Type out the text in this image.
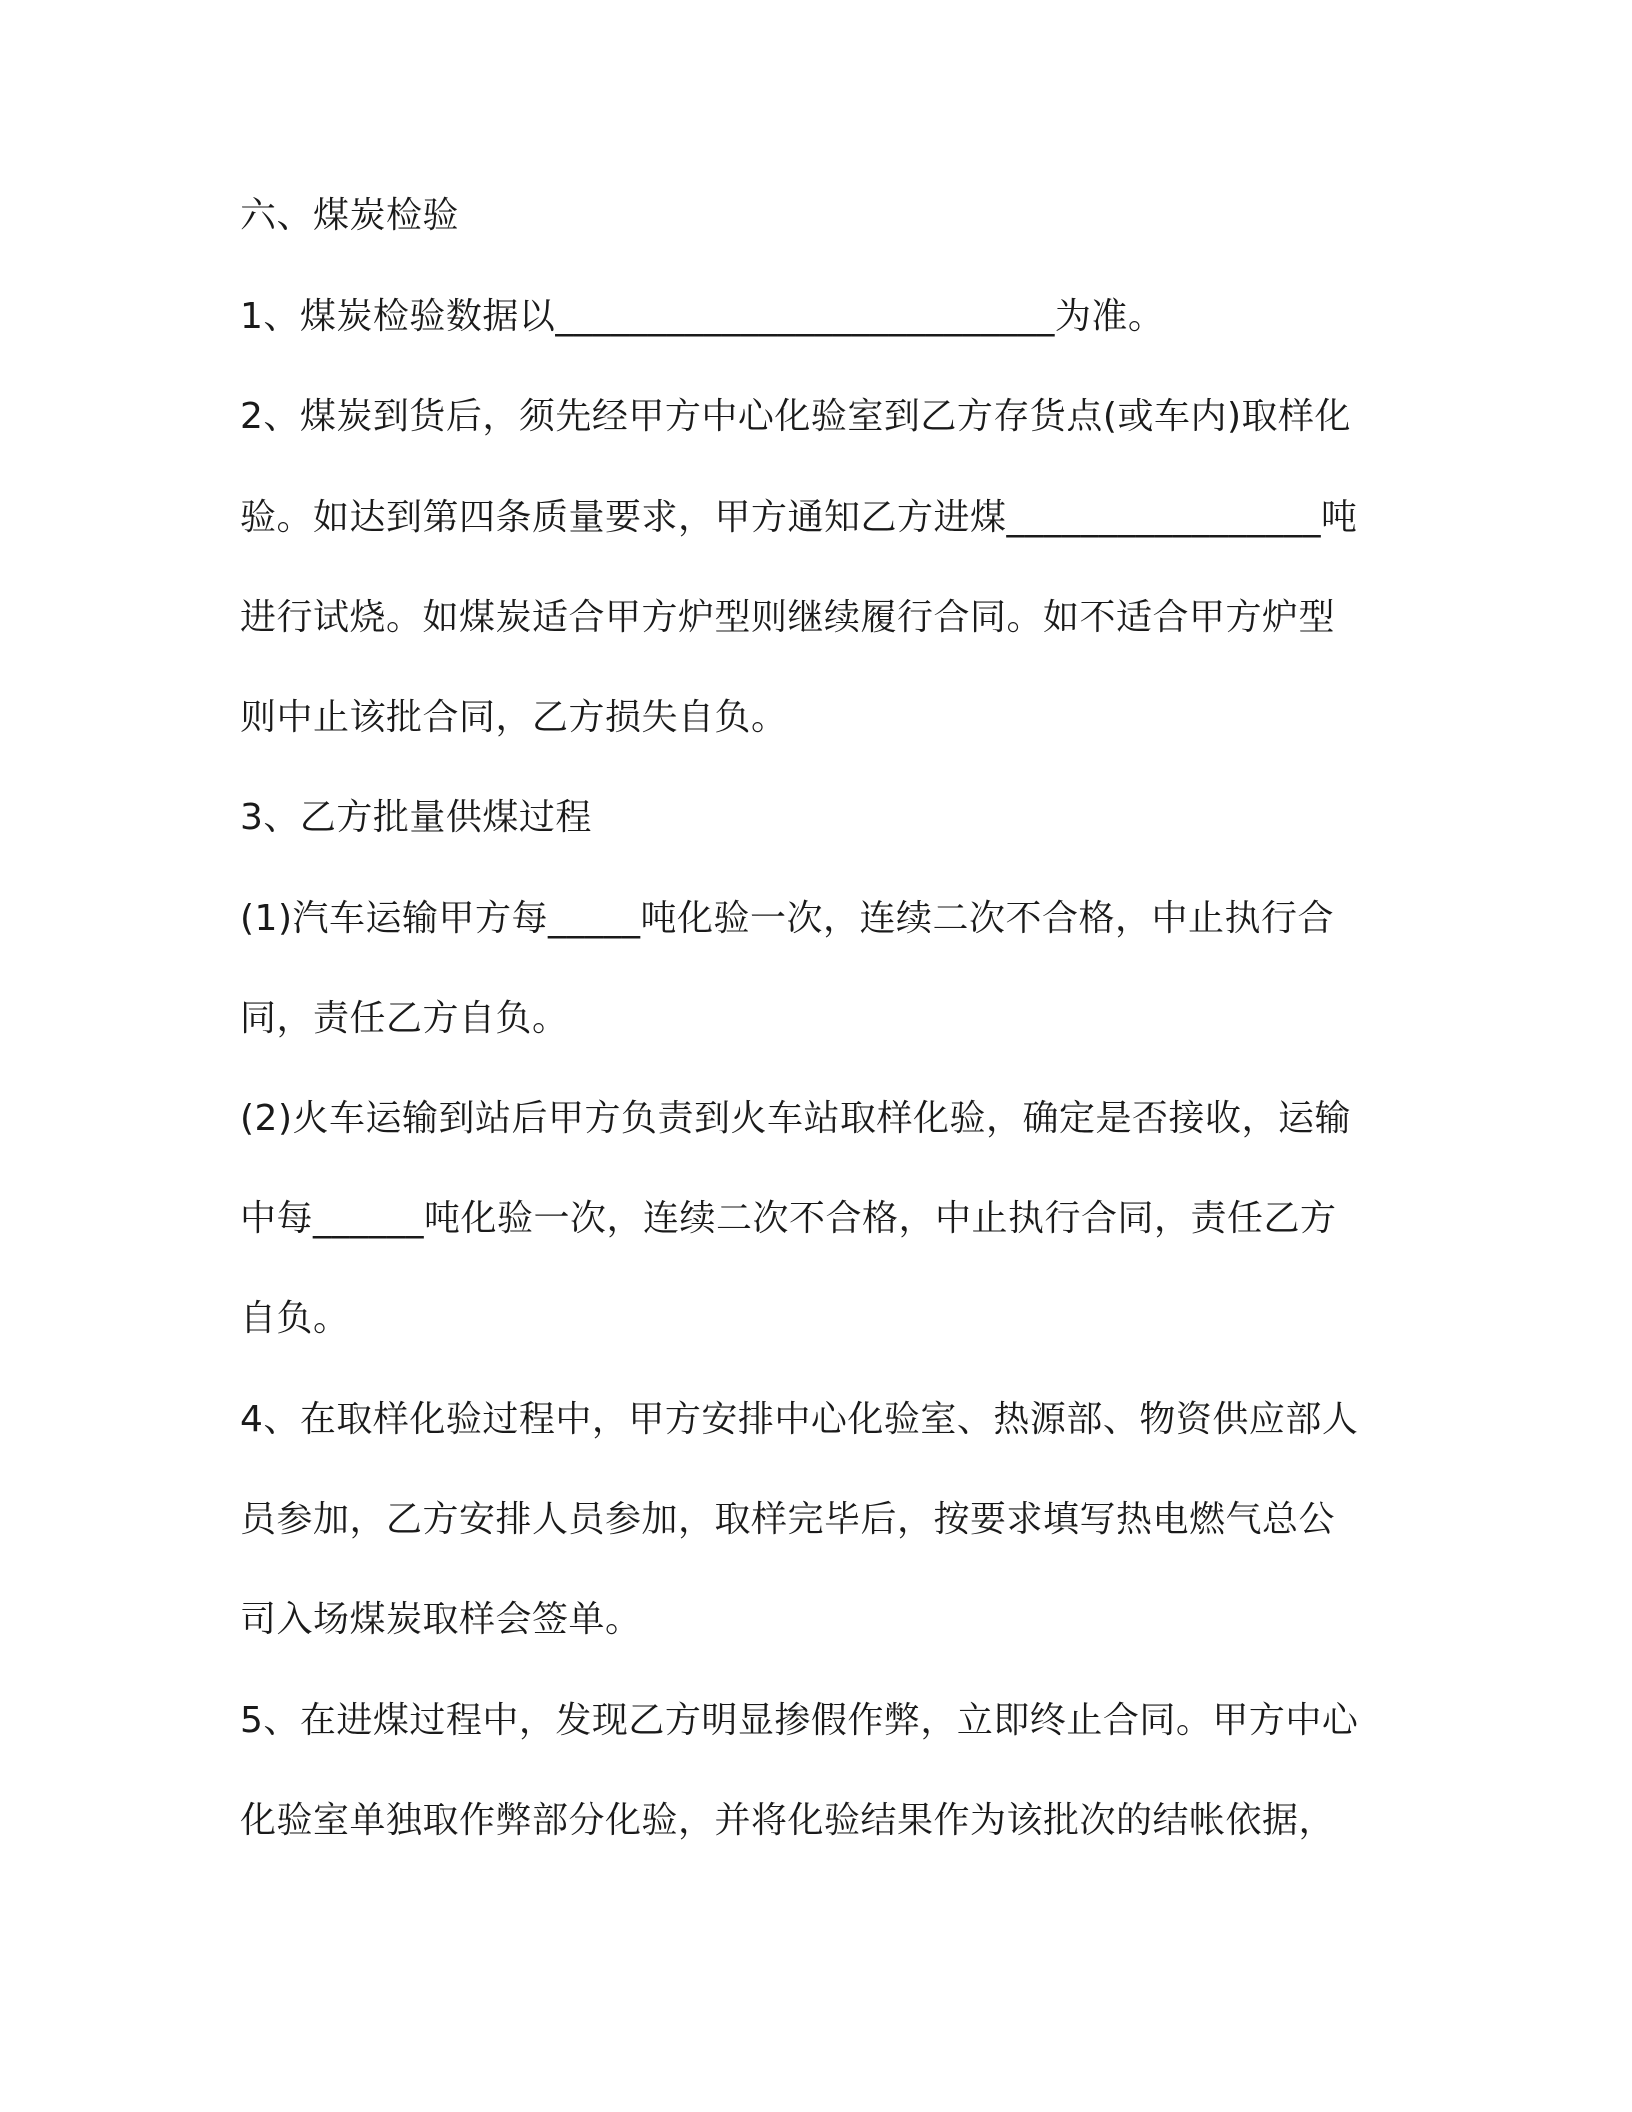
六、煤炭检验
1、煤炭检验数据以___________________________为准。
2、煤炭到货后，须先经甲方中心化验室到乙方存货点(或车内)取样化
验。如达到第四条质量要求，甲方通知乙方进煤_________________吨
进行试烧。如煤炭适合甲方炉型则继续履行合同。如不适合甲方炉型
则中止该批合同，乙方损失自负。
3、乙方批量供煤过程
(1)汽车运输甲方每_____吨化验一次，连续二次不合格，中止执行合
同，责任乙方自负。
(2)火车运输到站后甲方负责到火车站取样化验，确定是否接收，运输
中每______吨化验一次，连续二次不合格，中止执行合同，责任乙方
自负。
4、在取样化验过程中，甲方安排中心化验室、热源部、物资供应部人
员参加，乙方安排人员参加，取样完毕后，按要求填写热电燃气总公
司入场煤炭取样会签单。
5、在进煤过程中，发现乙方明显掺假作弊，立即终止合同。甲方中心
化验室单独取作弊部分化验，并将化验结果作为该批次的结帐依据，
